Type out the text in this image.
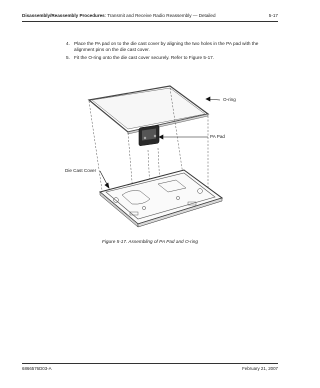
Disassembly/Reassembly Procedures: Transmit and Receive Radio Reassembly — Detailed	5-17
4. Place the PA pad on to the die cast cover by aligning the two holes in the PA pad with the alignment pins on the die cast cover.
5. Fit the O-ring onto the die cast cover securely. Refer to Figure 5-17.
O-ring
PA Pad
Die Cast Cover
Figure 5-17. Assembling of PA Pad and O-ring
6866576D03-A	February 21, 2007
